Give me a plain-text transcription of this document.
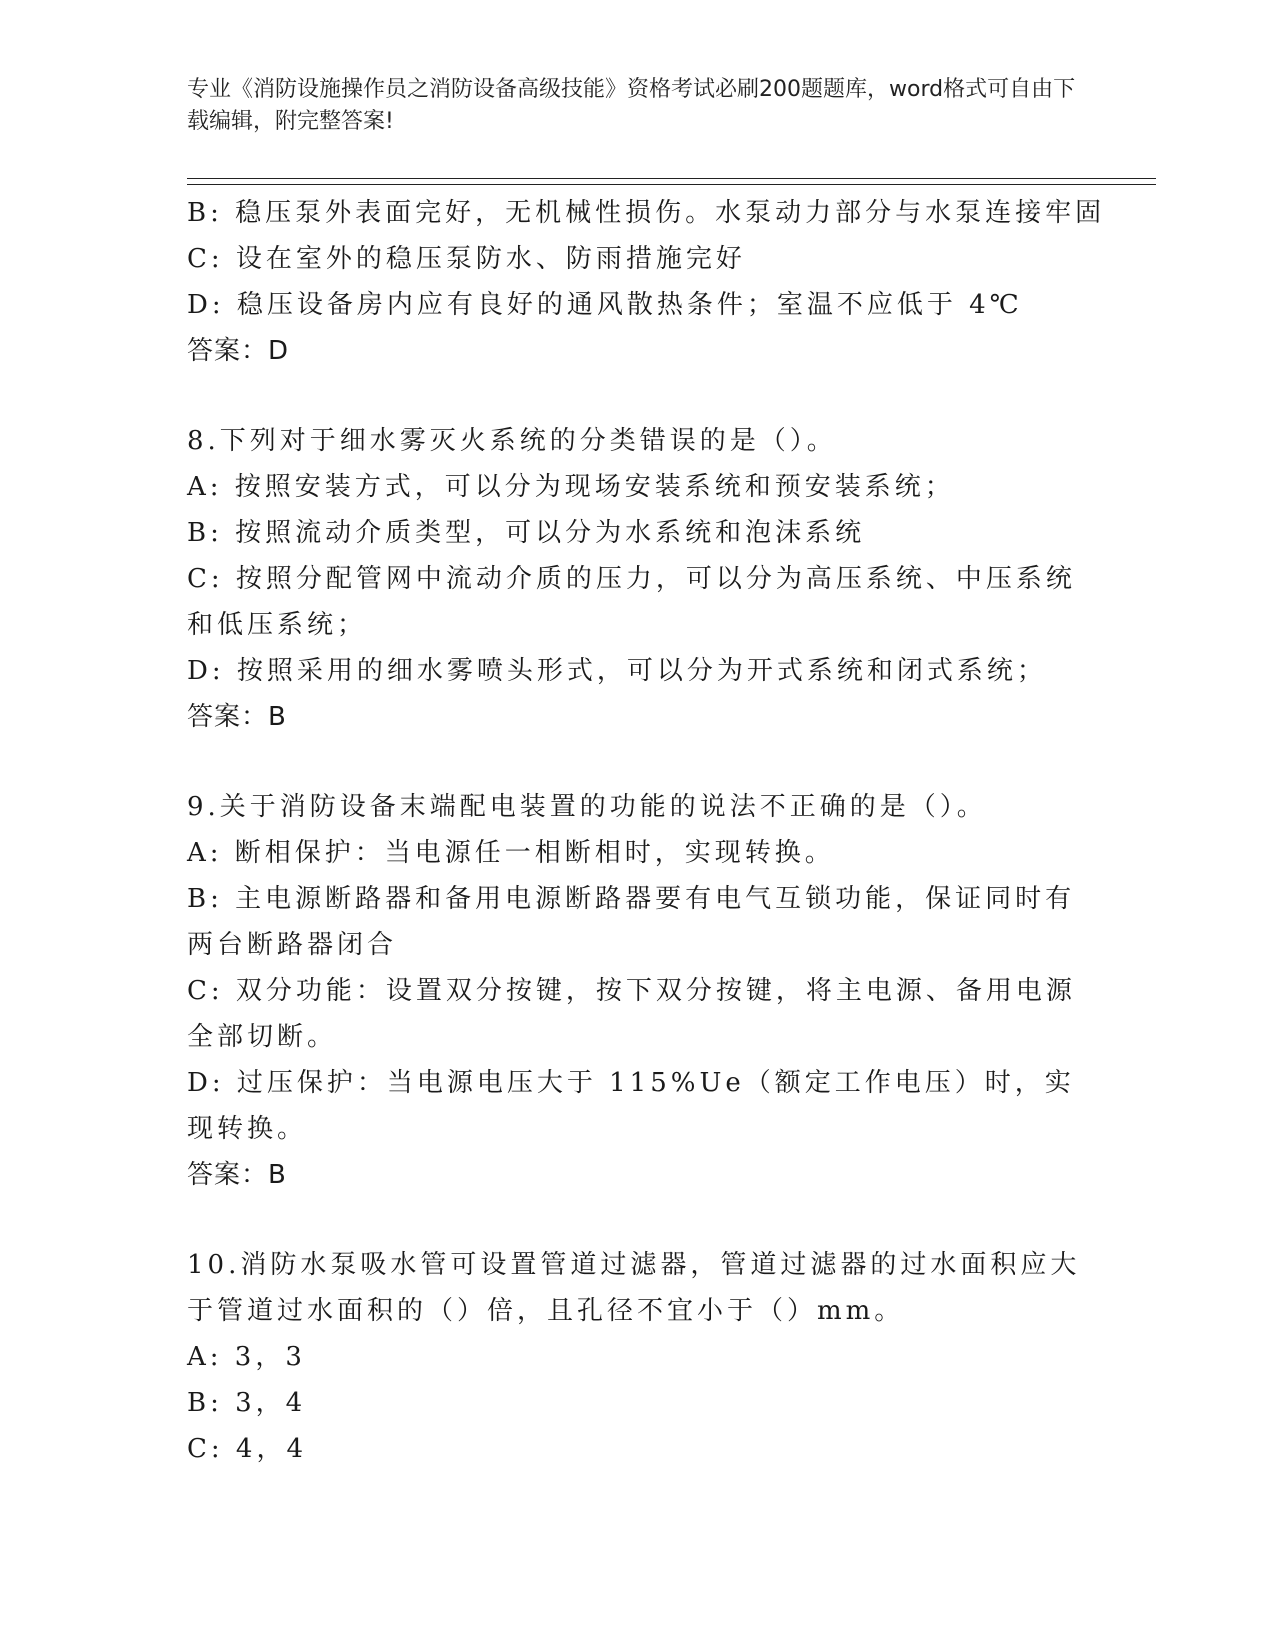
专业《消防设施操作员之消防设备高级技能》资格考试必刷200题题库，word格式可自由下载编辑，附完整答案!
B: 稳压泵外表面完好，无机械性损伤。水泵动力部分与水泵连接牢固
C: 设在室外的稳压泵防水、防雨措施完好
D: 稳压设备房内应有良好的通风散热条件；室温不应低于 4℃
答案：D
8.下列对于细水雾灭火系统的分类错误的是（）。
A: 按照安装方式，可以分为现场安装系统和预安装系统；
B: 按照流动介质类型，可以分为水系统和泡沫系统
C: 按照分配管网中流动介质的压力，可以分为高压系统、中压系统和低压系统；
D: 按照采用的细水雾喷头形式，可以分为开式系统和闭式系统；
答案：B
9.关于消防设备末端配电装置的功能的说法不正确的是（）。
A: 断相保护：当电源任一相断相时，实现转换。
B: 主电源断路器和备用电源断路器要有电气互锁功能，保证同时有两台断路器闭合
C: 双分功能：设置双分按键，按下双分按键，将主电源、备用电源全部切断。
D: 过压保护：当电源电压大于 115%Ue（额定工作电压）时，实现转换。
答案：B
10.消防水泵吸水管可设置管道过滤器，管道过滤器的过水面积应大于管道过水面积的（）倍，且孔径不宜小于（）mm。
A: 3，3
B: 3，4
C: 4，4
